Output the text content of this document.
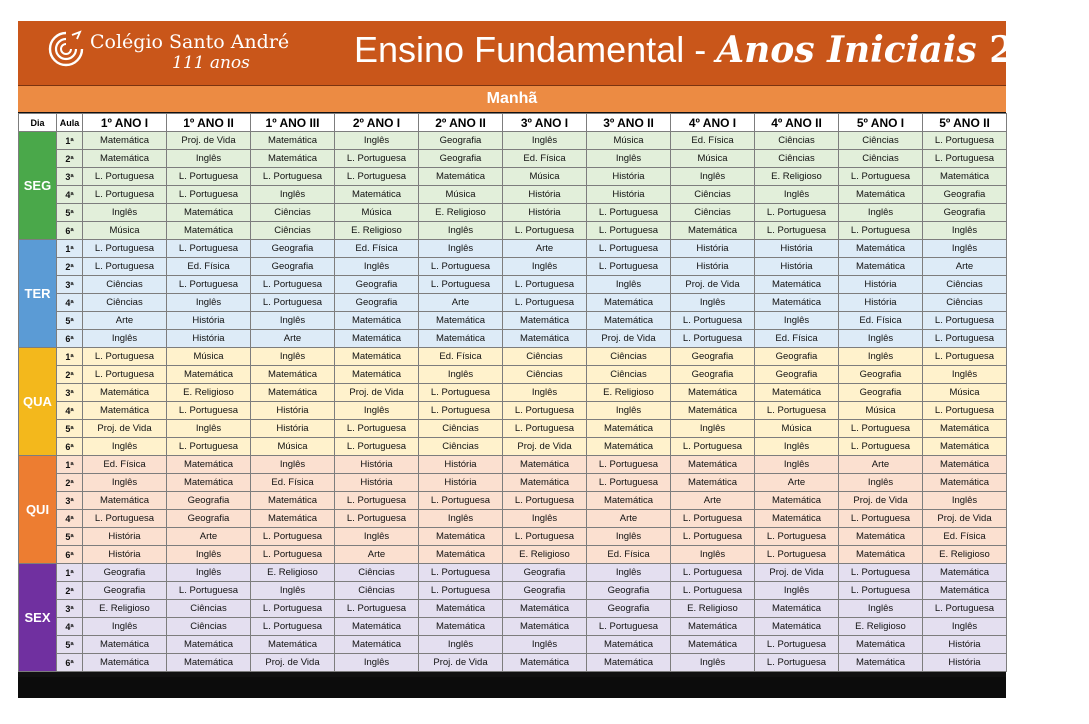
Colégio Santo André
111 anos	Ensino Fundamental - Anos Iniciais 2025
Manhã
Dia	Aula	1º ANO I	1º ANO II	1º ANO III	2º ANO I	2º ANO II	3º ANO I	3º ANO II	4º ANO I	4º ANO II	5º ANO I	5º ANO II
SEG	1ª	Matemática	Proj. de Vida	Matemática	Inglês	Geografia	Inglês	Música	Ed. Física	Ciências	Ciências	L. Portuguesa
	2ª	Matemática	Inglês	Matemática	L. Portuguesa	Geografia	Ed. Física	Inglês	Música	Ciências	Ciências	L. Portuguesa
	3ª	L. Portuguesa	L. Portuguesa	L. Portuguesa	L. Portuguesa	Matemática	Música	História	Inglês	E. Religioso	L. Portuguesa	Matemática
	4ª	L. Portuguesa	L. Portuguesa	Inglês	Matemática	Música	História	História	Ciências	Inglês	Matemática	Geografia
	5ª	Inglês	Matemática	Ciências	Música	E. Religioso	História	L. Portuguesa	Ciências	L. Portuguesa	Inglês	Geografia
	6ª	Música	Matemática	Ciências	E. Religioso	Inglês	L. Portuguesa	L. Portuguesa	Matemática	L. Portuguesa	L. Portuguesa	Inglês
TER	1ª	L. Portuguesa	L. Portuguesa	Geografia	Ed. Física	Inglês	Arte	L. Portuguesa	História	História	Matemática	Inglês
	2ª	L. Portuguesa	Ed. Física	Geografia	Inglês	L. Portuguesa	Inglês	L. Portuguesa	História	História	Matemática	Arte
	3ª	Ciências	L. Portuguesa	L. Portuguesa	Geografia	L. Portuguesa	L. Portuguesa	Inglês	Proj. de Vida	Matemática	História	Ciências
	4ª	Ciências	Inglês	L. Portuguesa	Geografia	Arte	L. Portuguesa	Matemática	Inglês	Matemática	História	Ciências
	5ª	Arte	História	Inglês	Matemática	Matemática	Matemática	Matemática	L. Portuguesa	Inglês	Ed. Física	L. Portuguesa
	6ª	Inglês	História	Arte	Matemática	Matemática	Matemática	Proj. de Vida	L. Portuguesa	Ed. Física	Inglês	L. Portuguesa
QUA	1ª	L. Portuguesa	Música	Inglês	Matemática	Ed. Física	Ciências	Ciências	Geografia	Geografia	Inglês	L. Portuguesa
	2ª	L. Portuguesa	Matemática	Matemática	Matemática	Inglês	Ciências	Ciências	Geografia	Geografia	Geografia	Inglês
	3ª	Matemática	E. Religioso	Matemática	Proj. de Vida	L. Portuguesa	Inglês	E. Religioso	Matemática	Matemática	Geografia	Música
	4ª	Matemática	L. Portuguesa	História	Inglês	L. Portuguesa	L. Portuguesa	Inglês	Matemática	L. Portuguesa	Música	L. Portuguesa
	5ª	Proj. de Vida	Inglês	História	L. Portuguesa	Ciências	L. Portuguesa	Matemática	Inglês	Música	L. Portuguesa	Matemática
	6ª	Inglês	L. Portuguesa	Música	L. Portuguesa	Ciências	Proj. de Vida	Matemática	L. Portuguesa	Inglês	L. Portuguesa	Matemática
QUI	1ª	Ed. Física	Matemática	Inglês	História	História	Matemática	L. Portuguesa	Matemática	Inglês	Arte	Matemática
	2ª	Inglês	Matemática	Ed. Física	História	História	Matemática	L. Portuguesa	Matemática	Arte	Inglês	Matemática
	3ª	Matemática	Geografia	Matemática	L. Portuguesa	L. Portuguesa	L. Portuguesa	Matemática	Arte	Matemática	Proj. de Vida	Inglês
	4ª	L. Portuguesa	Geografia	Matemática	L. Portuguesa	Inglês	Inglês	Arte	L. Portuguesa	Matemática	L. Portuguesa	Proj. de Vida
	5ª	História	Arte	L. Portuguesa	Inglês	Matemática	L. Portuguesa	Inglês	L. Portuguesa	L. Portuguesa	Matemática	Ed. Física
	6ª	História	Inglês	L. Portuguesa	Arte	Matemática	E. Religioso	Ed. Física	Inglês	L. Portuguesa	Matemática	E. Religioso
SEX	1ª	Geografia	Inglês	E. Religioso	Ciências	L. Portuguesa	Geografia	Inglês	L. Portuguesa	Proj. de Vida	L. Portuguesa	Matemática
	2ª	Geografia	L. Portuguesa	Inglês	Ciências	L. Portuguesa	Geografia	Geografia	L. Portuguesa	Inglês	L. Portuguesa	Matemática
	3ª	E. Religioso	Ciências	L. Portuguesa	L. Portuguesa	Matemática	Matemática	Geografia	E. Religioso	Matemática	Inglês	L. Portuguesa
	4ª	Inglês	Ciências	L. Portuguesa	Matemática	Matemática	Matemática	L. Portuguesa	Matemática	Matemática	E. Religioso	Inglês
	5ª	Matemática	Matemática	Matemática	Matemática	Inglês	Inglês	Matemática	Matemática	L. Portuguesa	Matemática	História
	6ª	Matemática	Matemática	Proj. de Vida	Inglês	Proj. de Vida	Matemática	Matemática	Inglês	L. Portuguesa	Matemática	História
